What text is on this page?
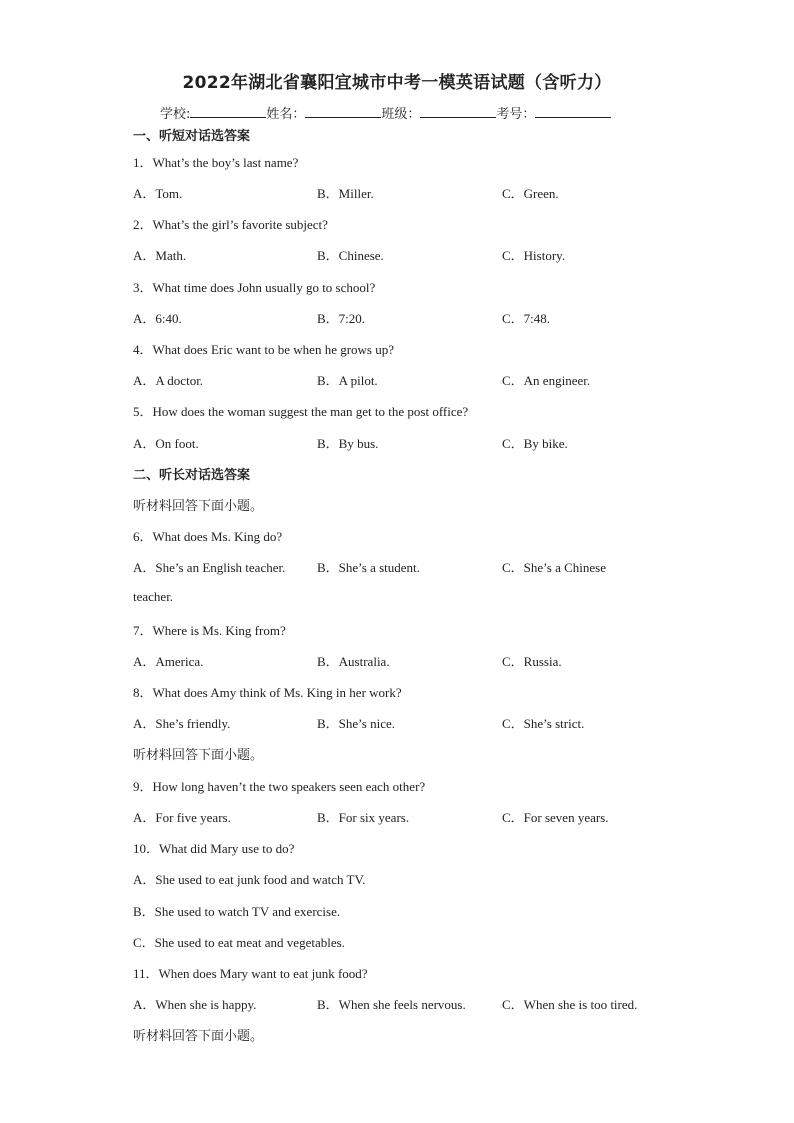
2022年湖北省襄阳宜城市中考一模英语试题（含听力）
学校:	姓名：	班级：	考号：
一、听短对话选答案
1．What’s the boy’s last name?
A．Tom.	B．Miller.	C．Green.
2．What’s the girl’s favorite subject?
A．Math.	B．Chinese.	C．History.
3．What time does John usually go to school?
A．6:40.	B．7:20.	C．7:48.
4．What does Eric want to be when he grows up?
A．A doctor.	B．A pilot.	C．An engineer.
5．How does the woman suggest the man get to the post office?
A．On foot.	B．By bus.	C．By bike.
二、听长对话选答案
听材料回答下面小题。
6．What does Ms. King do?
A．She’s an English teacher. B．She’s a student.	C．She’s a Chinese
teacher.
7．Where is Ms. King from?
A．America.	B．Australia.	C．Russia.
8．What does Amy think of Ms. King in her work?
A．She’s friendly.	B．She’s nice.	C．She’s strict.
听材料回答下面小题。
9．How long haven’t the two speakers seen each other?
A．For five years.	B．For six years.	C．For seven years.
10．What did Mary use to do?
A．She used to eat junk food and watch TV.
B．She used to watch TV and exercise.
C．She used to eat meat and vegetables.
11．When does Mary want to eat junk food?
A．When she is happy.	B．When she feels nervous.	C．When she is too tired.
听材料回答下面小题。
